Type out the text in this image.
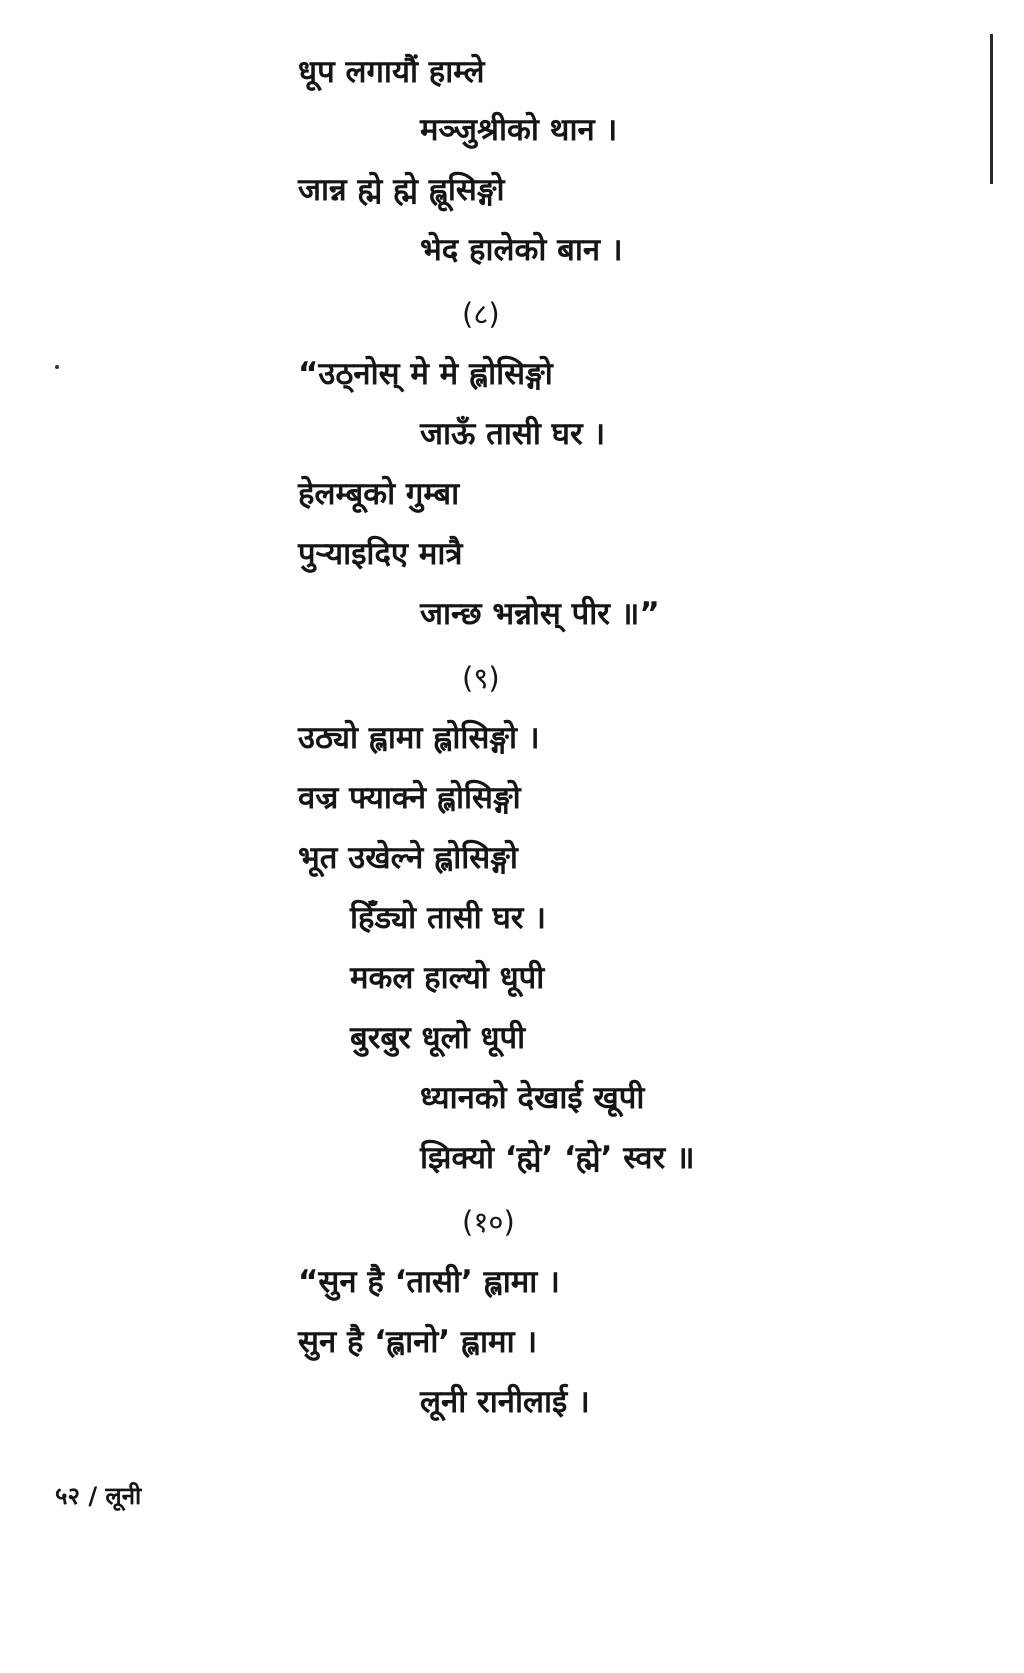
धूप लगायौं हाम्ले
मञ्जुश्रीको थान ।
जान्न ह्मे ह्मे ह्लूसिङ्गो
भेद हालेको बान ।
(८)
“उठ्नोस् मे मे ह्लोसिङ्गो
जाऊँ तासी घर ।
हेलम्बूको गुम्बा
पुऱ्याइदिए मात्रै
जान्छ भन्नोस् पीर ॥”
(९)
उठ्यो ह्लामा ह्लोसिङ्गो ।
वज्र फ्याक्ने ह्लोसिङ्गो
भूत उखेल्ने ह्लोसिङ्गो
हिँड्यो तासी घर ।
मकल हाल्यो धूपी
बुरबुर धूलो धूपी
ध्यानको देखाई खूपी
झिक्यो ‘ह्मे’ ‘ह्मे’ स्वर ॥
(१०)
“सुन है ‘तासी’ ह्लामा ।
सुन है ‘ह्लानो’ ह्लामा ।
लूनी रानीलाई ।
५२ / लूनी
